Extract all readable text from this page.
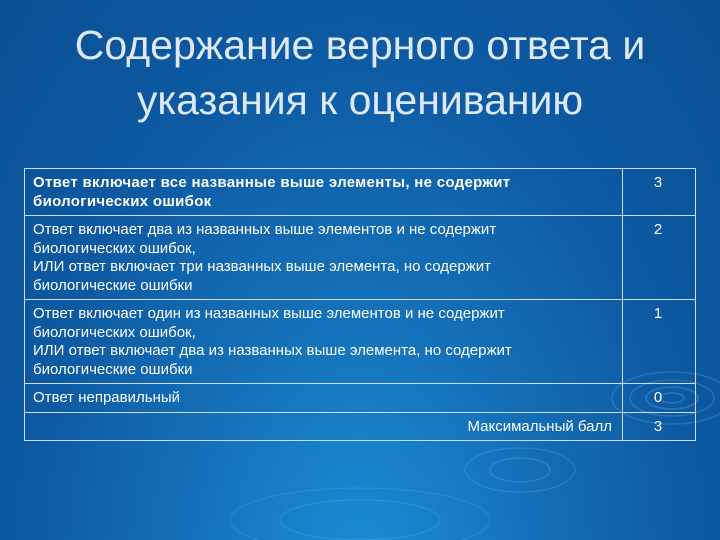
Содержание верного ответа и
указания к оцениванию
Ответ включает все названные выше элементы, не содержит
биологических ошибок	3

Ответ включает два из названных выше элементов и не содержит
биологических ошибок,
ИЛИ ответ включает три названных выше элемента, но содержит
биологические ошибки	2

Ответ включает один из названных выше элементов и не содержит
биологических ошибок,
ИЛИ ответ включает два из названных выше элемента, но содержит
биологические ошибки	1

Ответ неправильный	0
Максимальный балл	3
